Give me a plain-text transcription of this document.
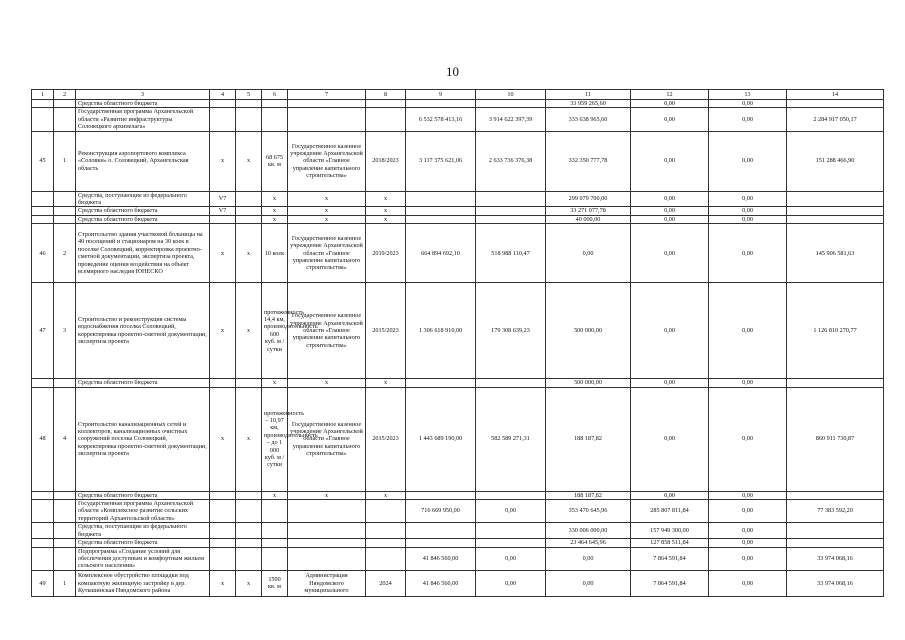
10
1	2	3	4	5	6	7	8	9	10	11	12	13	14
		Средства областного бюджета								33 959 265,60	0,00	0,00	
		Государственная программа Архангельской области «Развитие инфраструктуры Соловецкого архипелага»						6 532 578 413,16	3 914 622 397,39	333 638 965,60	0,00	0,00	2 284 917 050,17
45	1	Реконструкция аэропортового комплекса «Соловки» о. Соловецкий, Архангельская область	х	х	68 675 кв. м	Государственное казенное учреждение Архангельской области «Главное управление капитального строительства»	2018/2023	3 117 375 621,06	2 633 736 376,38	332 350 777,78	0,00	0,00	151 288 466,90
		Средства, поступающие из федерального бюджета	V7		х	х	х			299 079 700,00	0,00	0,00	
		Средства областного бюджета	V7		х	х	х			33 271 077,78	0,00	0,00	
		Средства областного бюджета			х	х	х			40 000,00	0,00	0,00	
46	2	Строительство здания участковой больницы на 40 посещений и стационаром на 30 коек в поселке Соловецкий, корректировка проектно-сметной документации, экспертиза проекта, проведение оценки воздействия на объект всемирного наследия ЮНЕСКО	х	х	10 коек	Государственное казенное учреждение Архангельской области «Главное управление капитального строительства»	2019/2023	664 894 692,10	518 988 110,47	0,00	0,00	0,00	145 906 581,63
47	3	Строительство и реконструкция системы водоснабжения поселка Соловецкий, корректировка проектно-сметной документации, экспертиза проекта	х	х	протяженность 14,4 км, производительность 600 куб. м / сутки	Государственное казенное учреждение Архангельской области «Главное управление капитального строительства»	2015/2023	1 306 618 910,00	179 308 639,23	500 000,00	0,00	0,00	1 126 810 270,77
		Средства областного бюджета			х	х	х			500 000,00	0,00	0,00	
48	4	Строительство канализационных сетей и коллекторов, канализационных очистных сооружений поселка Соловецкий, корректировка проектно-сметной документации, экспертиза проекта	х	х	протяженность – 10,97 км, производительность – до 1 000 куб. м / сутки	Государственное казенное учреждение Архангельской области «Главное управление капитального строительства»	2015/2023	1 443 689 190,00	582 589 271,31	188 187,82	0,00	0,00	860 911 730,87
		Средства областного бюджета			х	х	х			188 187,82	0,00	0,00	
		Государственная программа Архангельской области «Комплексное развитие сельских территорий Архангельской области»						716 669 950,00	0,00	353 470 645,96	285 807 811,84	0,00	77 383 592,20
		Средства, поступающие из федерального бюджета								330 006 000,00	157 949 300,00	0,00	
		Средства областного бюджета								23 464 645,96	127 858 511,84	0,00	
		Подпрограмма «Создание условий для обеспечения доступным и комфортным жильем сельского населения»						41 846 560,00	0,00	0,00	7 864 591,84	0,00	33 974 068,16
49	1	Комплексное обустройство площадки под компактную жилищную застройку в дер. Кутышинская Няндомского района	х	х	1500 кв. м	Администрация Няндомского муниципального	2024	41 846 560,00	0,00	0,00	7 864 591,84	0,00	33 974 068,16
